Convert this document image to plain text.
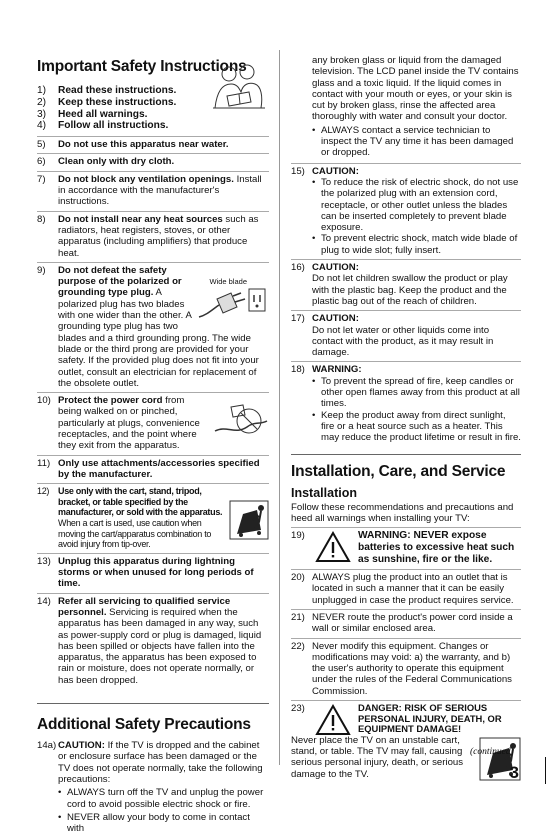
Important Safety Instructions
1) Read these instructions.
2) Keep these instructions.
3) Heed all warnings.
4) Follow all instructions.
5) Do not use this apparatus near water.
6) Clean only with dry cloth.
7) Do not block any ventilation openings. Install in accordance with the manufacturer's instructions.
8) Do not install near any heat sources such as radiators, heat registers, stoves, or other apparatus (including amplifiers) that produce heat.
9)
Wide blade
Do not defeat the safety purpose of the polarized or grounding type plug. A polarized plug has two blades with one wider than the other. A grounding type plug has two blades and a third grounding prong. The wide blade or the third prong are provided for your safety. If the provided plug does not fit into your outlet, consult an electrician for replacement of the obsolete outlet.
10) Protect the power cord from being walked on or pinched, particularly at plugs, convenience receptacles, and the point where they exit from the apparatus.
11) Only use attachments/accessories specified by the manufacturer.
12) Use only with the cart, stand, tripod, bracket, or table specified by the manufacturer, or sold with the apparatus. When a cart is used, use caution when moving the cart/apparatus combination to avoid injury from tip-over.
13) Unplug this apparatus during lightning storms or when unused for long periods of time.
14) Refer all servicing to qualified service personnel. Servicing is required when the apparatus has been damaged in any way, such as power-supply cord or plug is damaged, liquid has been spilled or objects have fallen into the apparatus, the apparatus has been exposed to rain or moisture, does not operate normally, or has been dropped.
Additional Safety Precautions
14a) CAUTION: If the TV is dropped and the cabinet or enclosure surface has been damaged or the TV does not operate normally, take the following precautions:
• ALWAYS turn off the TV and unplug the power cord to avoid possible electric shock or fire.
• NEVER allow your body to come in contact with
any broken glass or liquid from the damaged television. The LCD panel inside the TV contains glass and a toxic liquid. If the liquid comes in contact with your mouth or eyes, or your skin is cut by broken glass, rinse the affected area thoroughly with water and consult your doctor.
• ALWAYS contact a service technician to inspect the TV any time it has been damaged or dropped.
15) CAUTION:
• To reduce the risk of electric shock, do not use the polarized plug with an extension cord, receptacle, or other outlet unless the blades can be inserted completely to prevent blade exposure.
• To prevent electric shock, match wide blade of plug to wide slot; fully insert.
16) CAUTION:
Do not let children swallow the product or play with the plastic bag. Keep the product and the plastic bag out of the reach of children.
17) CAUTION:
Do not let water or other liquids come into contact with the product, as it may result in damage.
18) WARNING:
• To prevent the spread of fire, keep candles or other open flames away from this product at all times.
• Keep the product away from direct sunlight, fire or a heat source such as a heater. This may reduce the product lifetime or result in fire.
Installation, Care, and Service
Installation
Follow these recommendations and precautions and heed all warnings when installing your TV:
19)	WARNING: NEVER expose batteries to excessive heat such as sunshine, fire or the like.
20) ALWAYS plug the product into an outlet that is located in such a manner that it can be easily unplugged in case the product requires service.
21) NEVER route the product's power cord inside a wall or similar enclosed area.
22) Never modify this equipment. Changes or modifications may void: a) the warranty, and b) the user's authority to operate this equipment under the rules of the Federal Communications Commission.
23)	DANGER: RISK OF SERIOUS PERSONAL INJURY, DEATH, OR EQUIPMENT DAMAGE!
Never place the TV on an unstable cart, stand, or table. The TV may fall, causing serious personal injury, death, or serious damage to the TV.
(continued)
3
